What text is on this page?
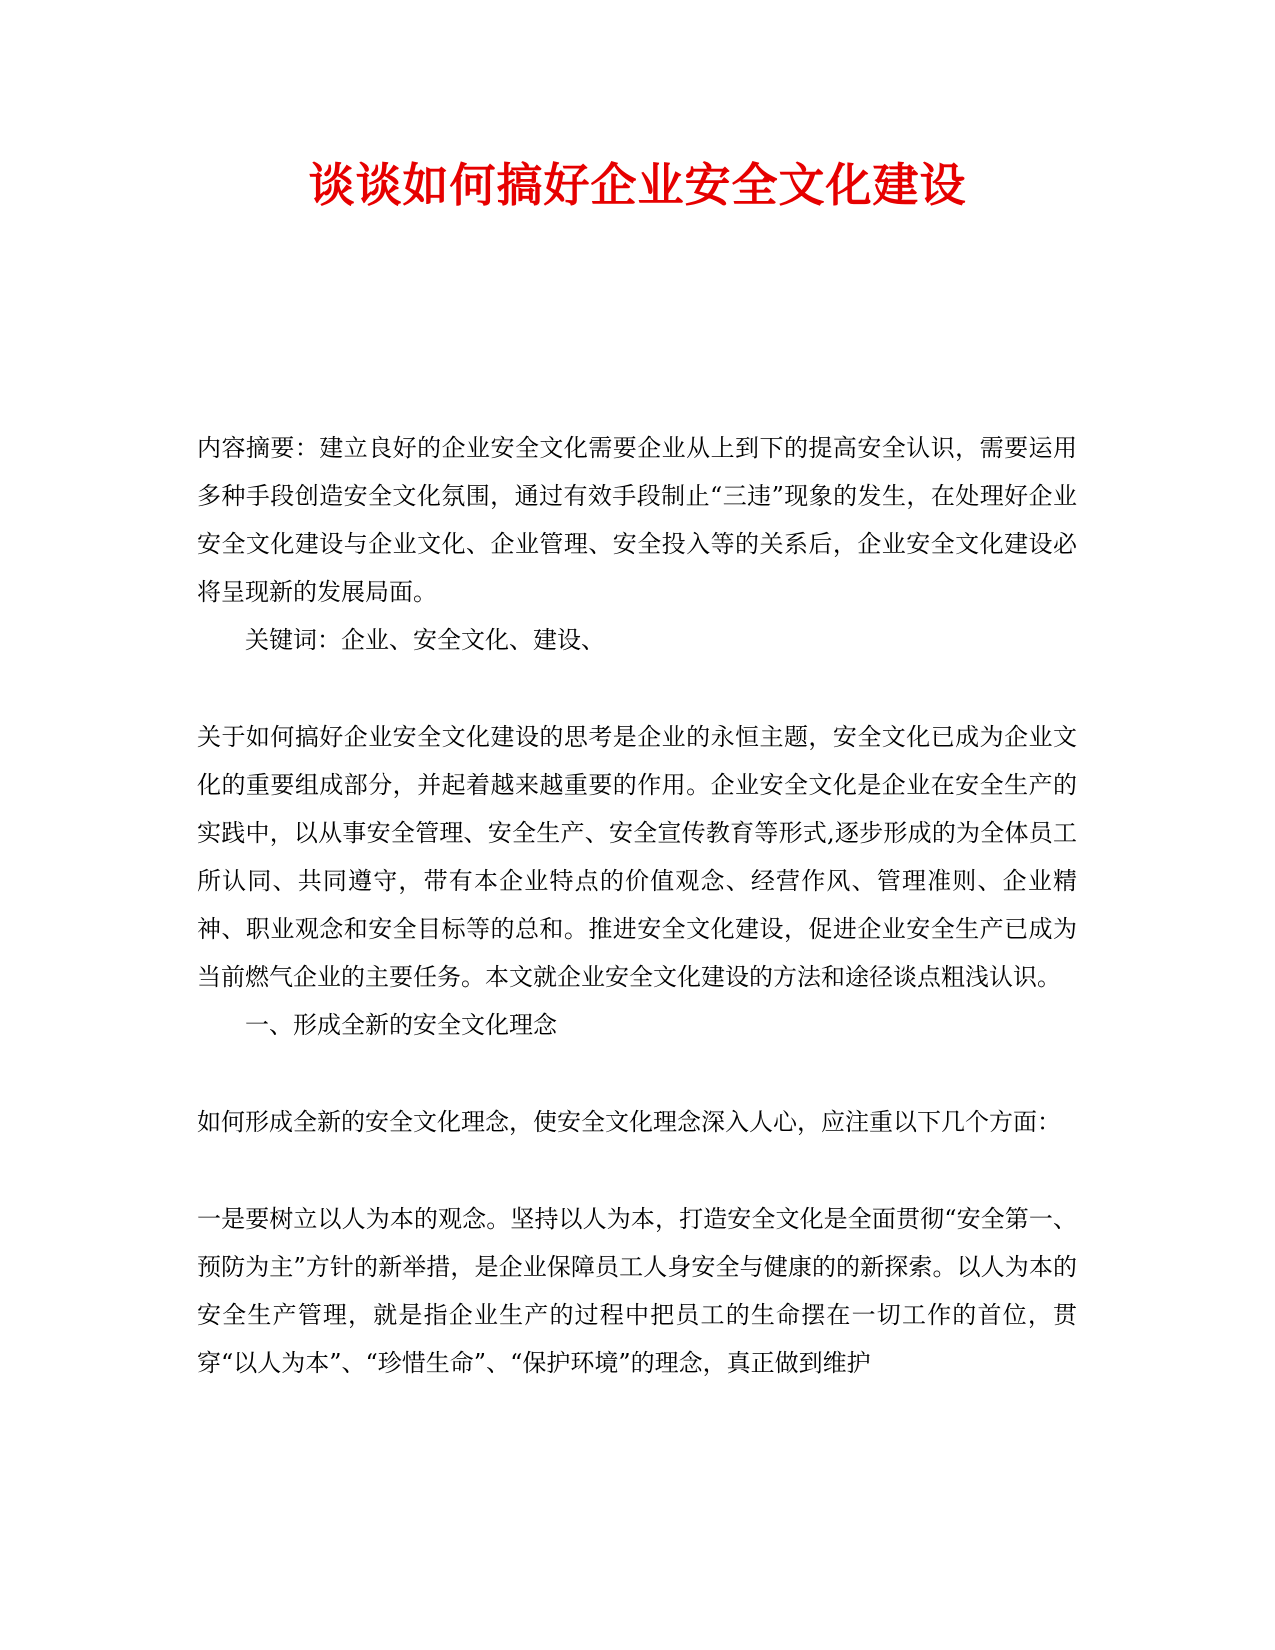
谈谈如何搞好企业安全文化建设

内容摘要：建立良好的企业安全文化需要企业从上到下的提高安全认识，需要运用多种手段创造安全文化氛围，通过有效手段制止“三违”现象的发生，在处理好企业安全文化建设与企业文化、企业管理、安全投入等的关系后，企业安全文化建设必将呈现新的发展局面。

关键词：企业、安全文化、建设、

关于如何搞好企业安全文化建设的思考是企业的永恒主题，安全文化已成为企业文化的重要组成部分，并起着越来越重要的作用。企业安全文化是企业在安全生产的实践中，以从事安全管理、安全生产、安全宣传教育等形式,逐步形成的为全体员工所认同、共同遵守，带有本企业特点的价值观念、经营作风、管理准则、企业精神、职业观念和安全目标等的总和。推进安全文化建设，促进企业安全生产已成为当前燃气企业的主要任务。本文就企业安全文化建设的方法和途径谈点粗浅认识。

一、形成全新的安全文化理念

如何形成全新的安全文化理念，使安全文化理念深入人心，应注重以下几个方面：

一是要树立以人为本的观念。坚持以人为本，打造安全文化是全面贯彻“安全第一、预防为主”方针的新举措，是企业保障员工人身安全与健康的的新探索。以人为本的安全生产管理，就是指企业生产的过程中把员工的生命摆在一切工作的首位，贯穿“以人为本”、“珍惜生命”、“保护环境”的理念，真正做到维护
